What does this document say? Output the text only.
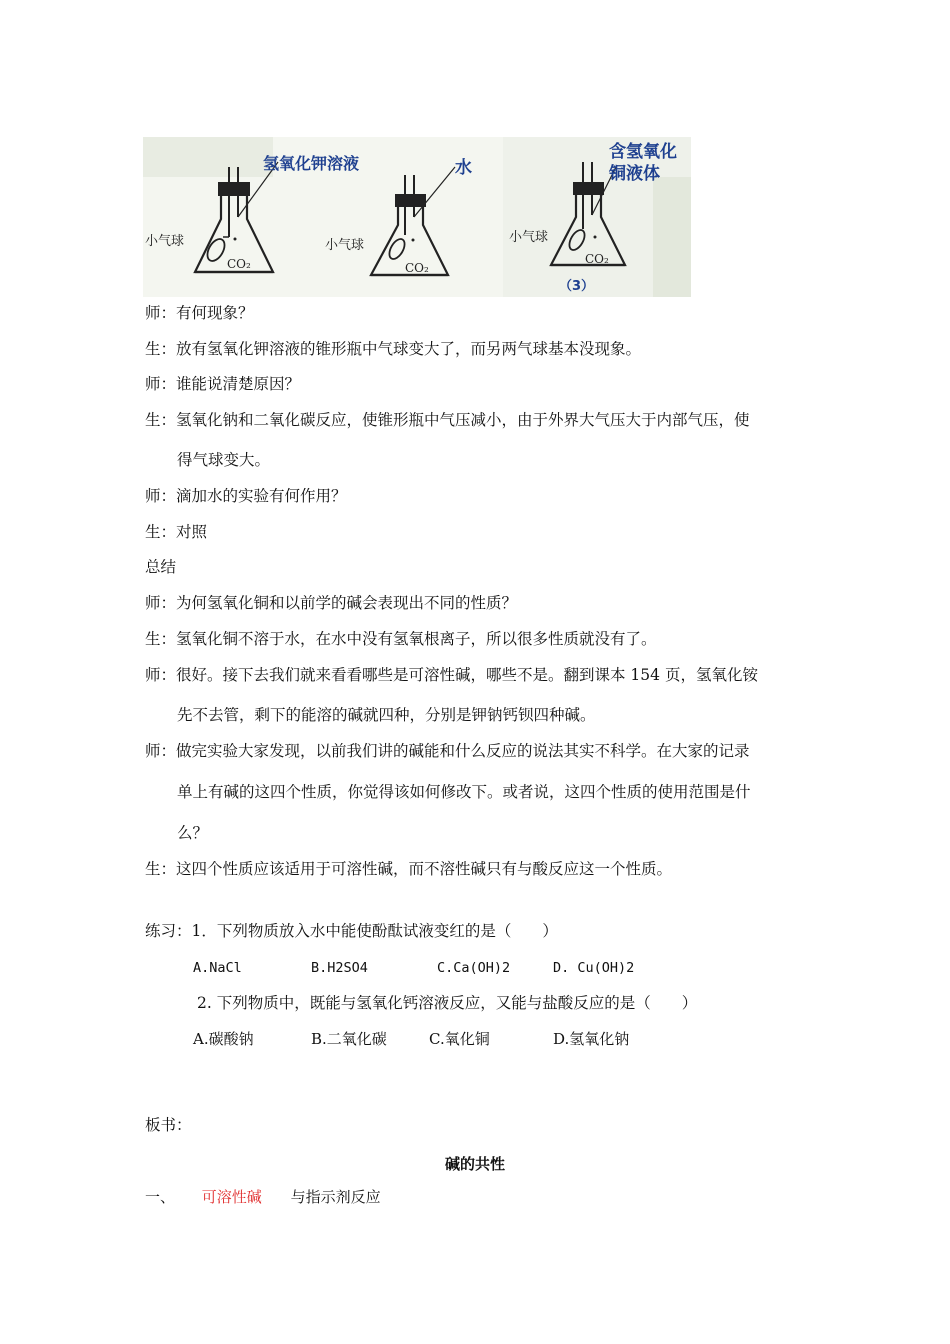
氢氧化钾溶液
小气球
CO₂
水
小气球
CO₂
含氢氧化
铜液体
小气球
CO₂
（3）
师：有何现象？
生：放有氢氧化钾溶液的锥形瓶中气球变大了，而另两气球基本没现象。
师：谁能说清楚原因？
生：氢氧化钠和二氧化碳反应，使锥形瓶中气压减小，由于外界大气压大于内部气压，使
得气球变大。
师：滴加水的实验有何作用？
生：对照
总结
师：为何氢氧化铜和以前学的碱会表现出不同的性质？
生：氢氧化铜不溶于水，在水中没有氢氧根离子，所以很多性质就没有了。
师：很好。接下去我们就来看看哪些是可溶性碱，哪些不是。翻到课本 154 页，氢氧化铵
先不去管，剩下的能溶的碱就四种，分别是钾钠钙钡四种碱。
师：做完实验大家发现，以前我们讲的碱能和什么反应的说法其实不科学。在大家的记录
单上有碱的这四个性质，你觉得该如何修改下。或者说，这四个性质的使用范围是什
么？
生：这四个性质应该适用于可溶性碱，而不溶性碱只有与酸反应这一个性质。
练习：1．下列物质放入水中能使酚酞试液变红的是（　　）
A.NaCl	B.H2SO4	C.Ca(OH)2	D. Cu(OH)2
2. 下列物质中，既能与氢氧化钙溶液反应，又能与盐酸反应的是（　　）
A.碳酸钠	B.二氧化碳	C.氧化铜	D.氢氧化钠
板书：
碱的共性
一、 可溶性碱 与指示剂反应
